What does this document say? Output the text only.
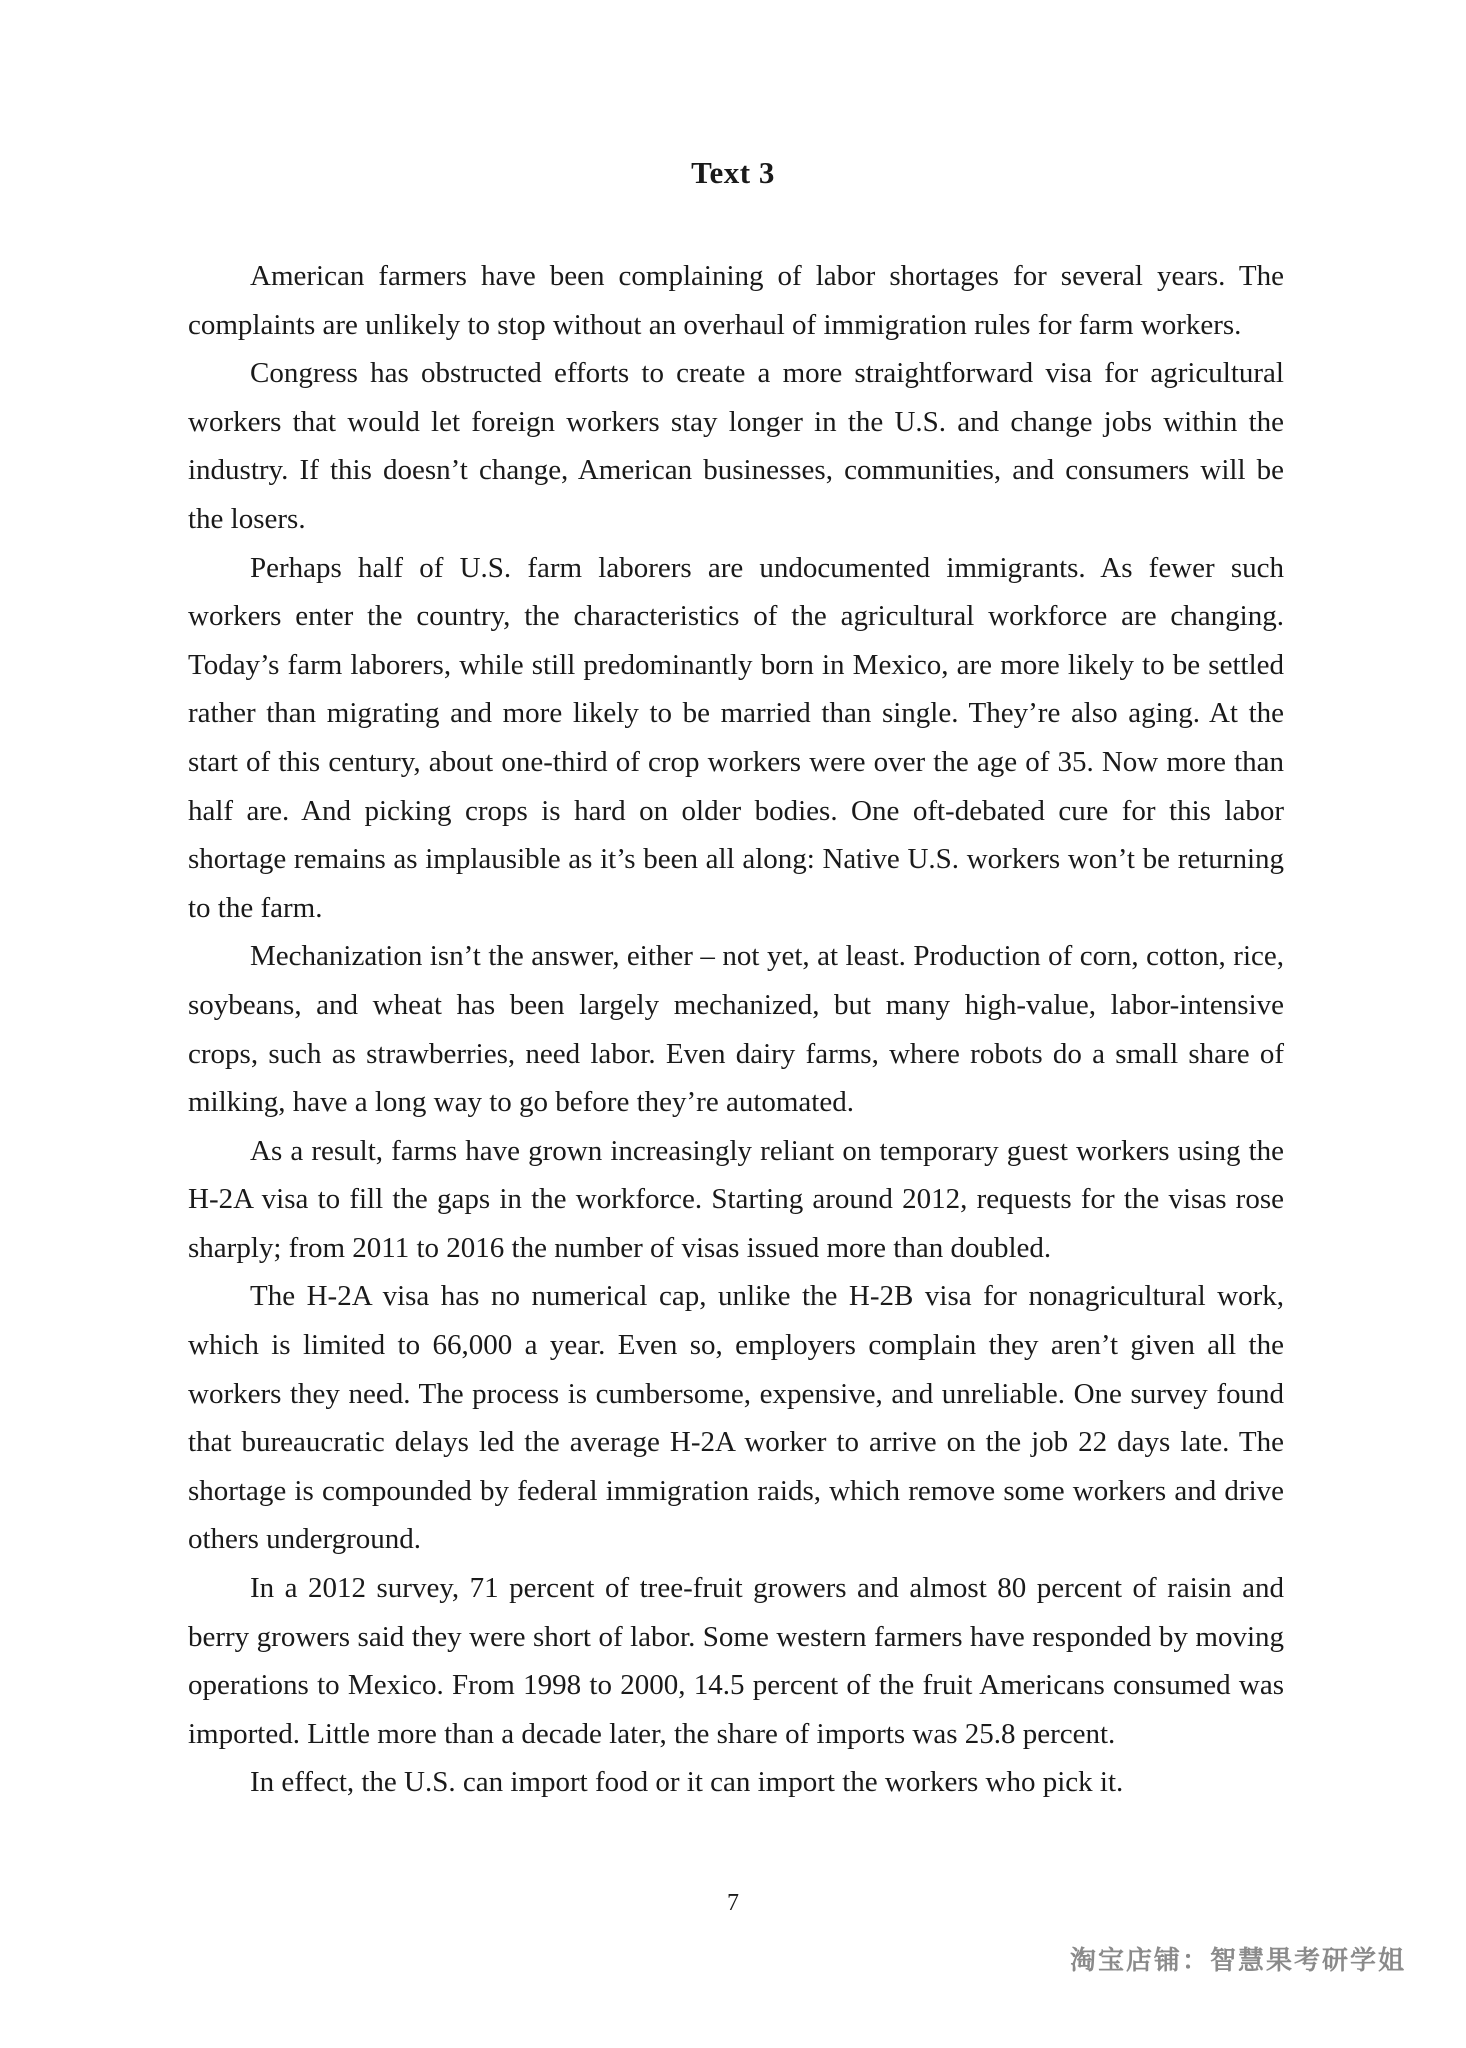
Text 3

American farmers have been complaining of labor shortages for several years. The complaints are unlikely to stop without an overhaul of immigration rules for farm workers.

Congress has obstructed efforts to create a more straightforward visa for agricultural workers that would let foreign workers stay longer in the U.S. and change jobs within the industry. If this doesn’t change, American businesses, communities, and consumers will be the losers.

Perhaps half of U.S. farm laborers are undocumented immigrants. As fewer such workers enter the country, the characteristics of the agricultural workforce are changing. Today’s farm laborers, while still predominantly born in Mexico, are more likely to be settled rather than migrating and more likely to be married than single. They’re also aging. At the start of this century, about one-third of crop workers were over the age of 35. Now more than half are. And picking crops is hard on older bodies. One oft-debated cure for this labor shortage remains as implausible as it’s been all along: Native U.S. workers won’t be returning to the farm.

Mechanization isn’t the answer, either – not yet, at least. Production of corn, cotton, rice, soybeans, and wheat has been largely mechanized, but many high-value, labor-intensive crops, such as strawberries, need labor. Even dairy farms, where robots do a small share of milking, have a long way to go before they’re automated.

As a result, farms have grown increasingly reliant on temporary guest workers using the H-2A visa to fill the gaps in the workforce. Starting around 2012, requests for the visas rose sharply; from 2011 to 2016 the number of visas issued more than doubled.

The H-2A visa has no numerical cap, unlike the H-2B visa for nonagricultural work, which is limited to 66,000 a year. Even so, employers complain they aren’t given all the workers they need. The process is cumbersome, expensive, and unreliable. One survey found that bureaucratic delays led the average H-2A worker to arrive on the job 22 days late. The shortage is compounded by federal immigration raids, which remove some workers and drive others underground.

In a 2012 survey, 71 percent of tree-fruit growers and almost 80 percent of raisin and berry growers said they were short of labor. Some western farmers have responded by moving operations to Mexico. From 1998 to 2000, 14.5 percent of the fruit Americans consumed was imported. Little more than a decade later, the share of imports was 25.8 percent.

In effect, the U.S. can import food or it can import the workers who pick it.

7
淘宝店铺：智慧果考研学姐
